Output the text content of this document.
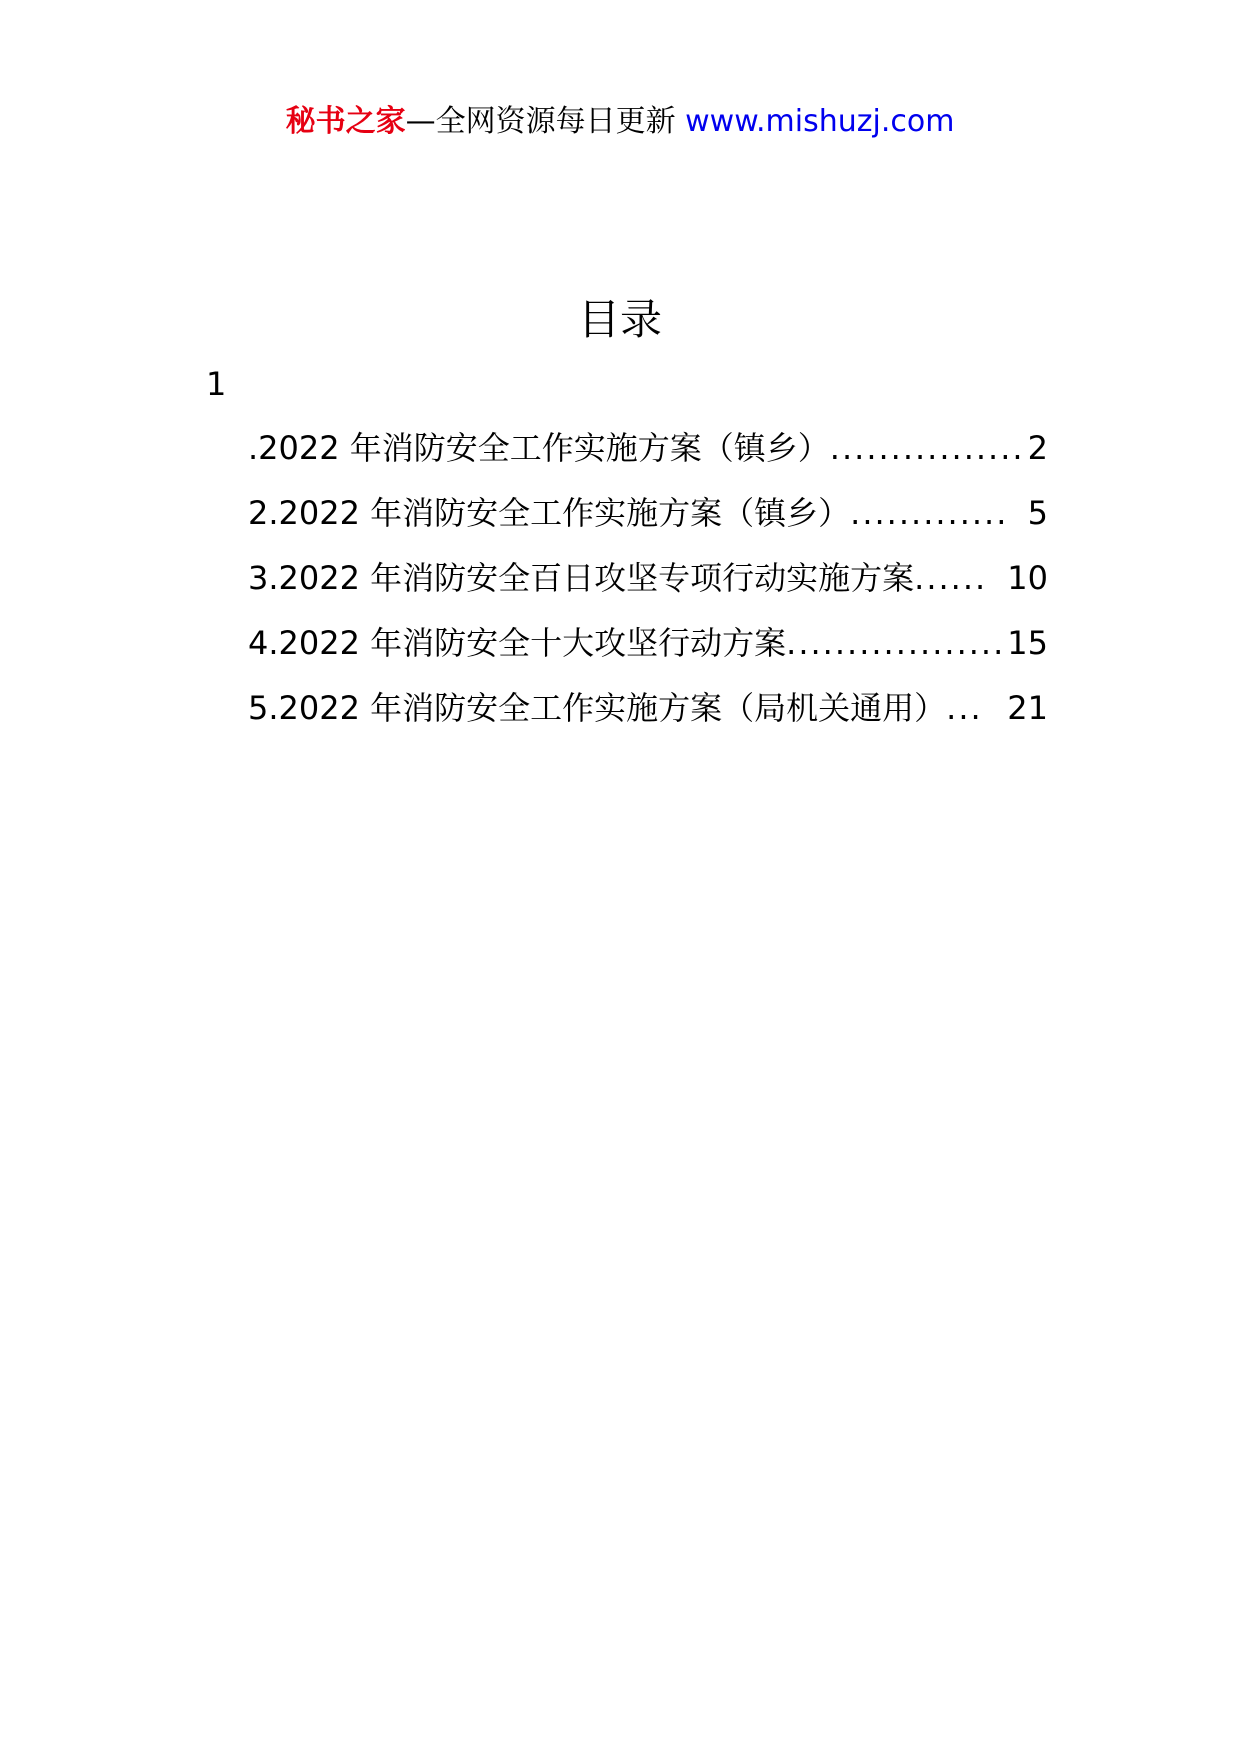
秘书之家—全网资源每日更新 www.mishuzj.com
目录
1
.2022 年消防安全工作实施方案（镇乡） ................ 2
2.2022 年消防安全工作实施方案（镇乡） ............. 5
3.2022 年消防安全百日攻坚专项行动实施方案 ...... 10
4.2022 年消防安全十大攻坚行动方案 .................. 15
5.2022 年消防安全工作实施方案（局机关通用） ... 21
